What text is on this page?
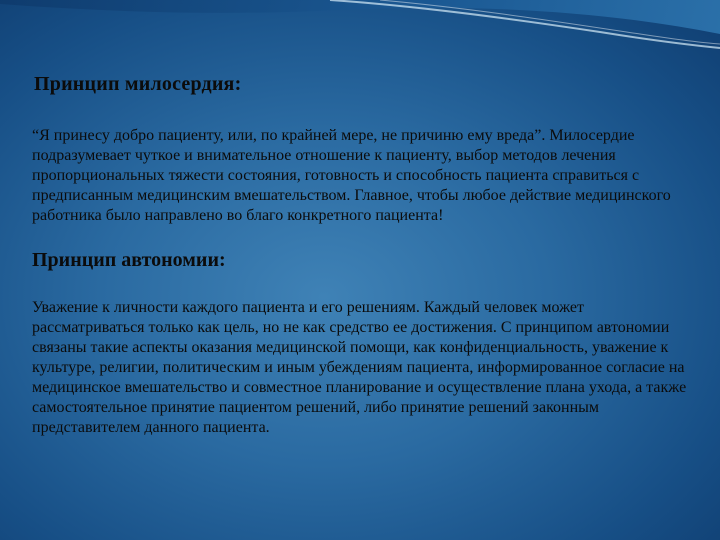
Принцип милосердия:
“Я принесу добро пациенту, или, по крайней мере, не причиню ему вреда”. Милосердие подразумевает чуткое и внимательное отношение к пациенту, выбор методов лечения пропорциональных тяжести состояния, готовность и способность пациента справиться с предписанным медицинским вмешательством. Главное, чтобы любое действие медицинского работника было направлено во благо конкретного пациента!
Принцип автономии:
Уважение к личности каждого пациента и его решениям. Каждый человек может рассматриваться только как цель, но не как средство ее достижения. С принципом автономии связаны такие аспекты оказания медицинской помощи, как конфиденциальность, уважение к культуре, религии, политическим и иным убеждениям пациента, информированное согласие на медицинское вмешательство и совместное планирование и осуществление плана ухода, а также самостоятельное принятие пациентом решений, либо принятие решений законным представителем данного пациента.
